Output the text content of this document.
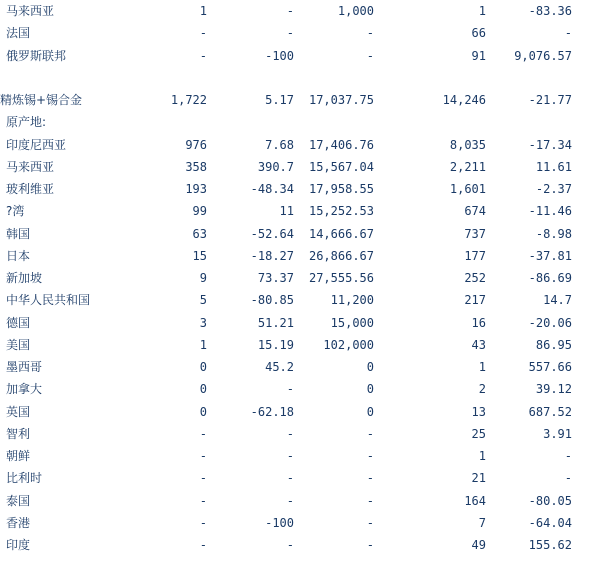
马来西亚	1	-	1,000	1	-83.36	
法国	-	-	-	66	-	
俄罗斯联邦	-	-100	-	91	9,076.57	

精炼锡+锡合金	1,722	5.17	17,037.75	14,246	-21.77	
原产地:						
印度尼西亚	976	7.68	17,406.76	8,035	-17.34	
马来西亚	358	390.7	15,567.04	2,211	11.61	
玻利维亚	193	-48.34	17,958.55	1,601	-2.37	
?湾	99	11	15,252.53	674	-11.46	
韩国	63	-52.64	14,666.67	737	-8.98	
日本	15	-18.27	26,866.67	177	-37.81	
新加坡	9	73.37	27,555.56	252	-86.69	
中华人民共和国	5	-80.85	11,200	217	14.7	
德国	3	51.21	15,000	16	-20.06	
美国	1	15.19	102,000	43	86.95	
墨西哥	0	45.2	0	1	557.66	
加拿大	0	-	0	2	39.12	
英国	0	-62.18	0	13	687.52	
智利	-	-	-	25	3.91	
朝鲜	-	-	-	1	-	
比利时	-	-	-	21	-	
泰国	-	-	-	164	-80.05	
香港	-	-100	-	7	-64.04	
印度	-	-	-	49	155.62	
